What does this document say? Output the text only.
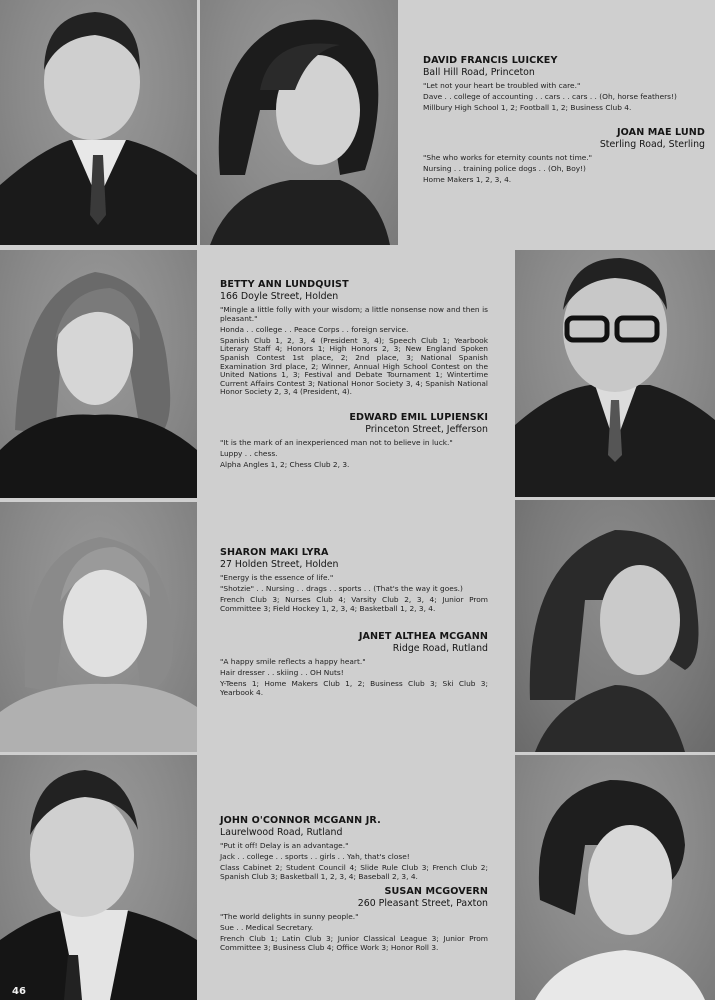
DAVID FRANCIS LUICKEY
Ball Hill Road, Princeton

"Let not your heart be troubled with care."

Dave . . college of accounting . . cars . . cars . . (Oh, horse feathers!)

Millbury High School 1, 2; Football 1, 2; Business Club 4.

JOAN MAE LUND
Sterling Road, Sterling

"She who works for eternity counts not time."

Nursing . . training police dogs . . (Oh, Boy!)

Home Makers 1, 2, 3, 4.

BETTY ANN LUNDQUIST
166 Doyle Street, Holden

"Mingle a little folly with your wisdom; a little nonsense now and then is pleasant."

Honda . . college . . Peace Corps . . foreign service.

Spanish Club 1, 2, 3, 4 (President 3, 4); Speech Club 1; Yearbook Literary Staff 4; Honors 1; High Honors 2, 3; New England Spoken Spanish Contest 1st place, 2; 2nd place, 3; National Spanish Examination 3rd place, 2; Winner, Annual High School Contest on the United Nations 1, 3; Festival and Debate Tournament 1; Wintertime Current Affairs Contest 3; National Honor Society 3, 4; Spanish National Honor Society 2, 3, 4 (President, 4).

EDWARD EMIL LUPIENSKI
Princeton Street, Jefferson

"It is the mark of an inexperienced man not to believe in luck."

Luppy . . chess.

Alpha Angles 1, 2; Chess Club 2, 3.

SHARON MAKI LYRA
27 Holden Street, Holden

"Energy is the essence of life."

"Shotzie" . . Nursing . . drags . . sports . . (That's the way it goes.)

French Club 3; Nurses Club 4; Varsity Club 2, 3, 4; Junior Prom Committee 3; Field Hockey 1, 2, 3, 4; Basketball 1, 2, 3, 4.

JANET ALTHEA MCGANN
Ridge Road, Rutland

"A happy smile reflects a happy heart."

Hair dresser . . skiing . . OH Nuts!

Y-Teens 1; Home Makers Club 1, 2; Business Club 3; Ski Club 3; Yearbook 4.

JOHN O'CONNOR MCGANN JR.
Laurelwood Road, Rutland

"Put it off! Delay is an advantage."

Jack . . college . . sports . . girls . . Yah, that's close!

Class Cabinet 2; Student Council 4; Slide Rule Club 3; French Club 2; Spanish Club 3; Basketball 1, 2, 3, 4; Baseball 2, 3, 4.

SUSAN MCGOVERN
260 Pleasant Street, Paxton

"The world delights in sunny people."

Sue . . Medical Secretary.

French Club 1; Latin Club 3; Junior Classical League 3; Junior Prom Committee 3; Business Club 4; Office Work 3; Honor Roll 3.

46
